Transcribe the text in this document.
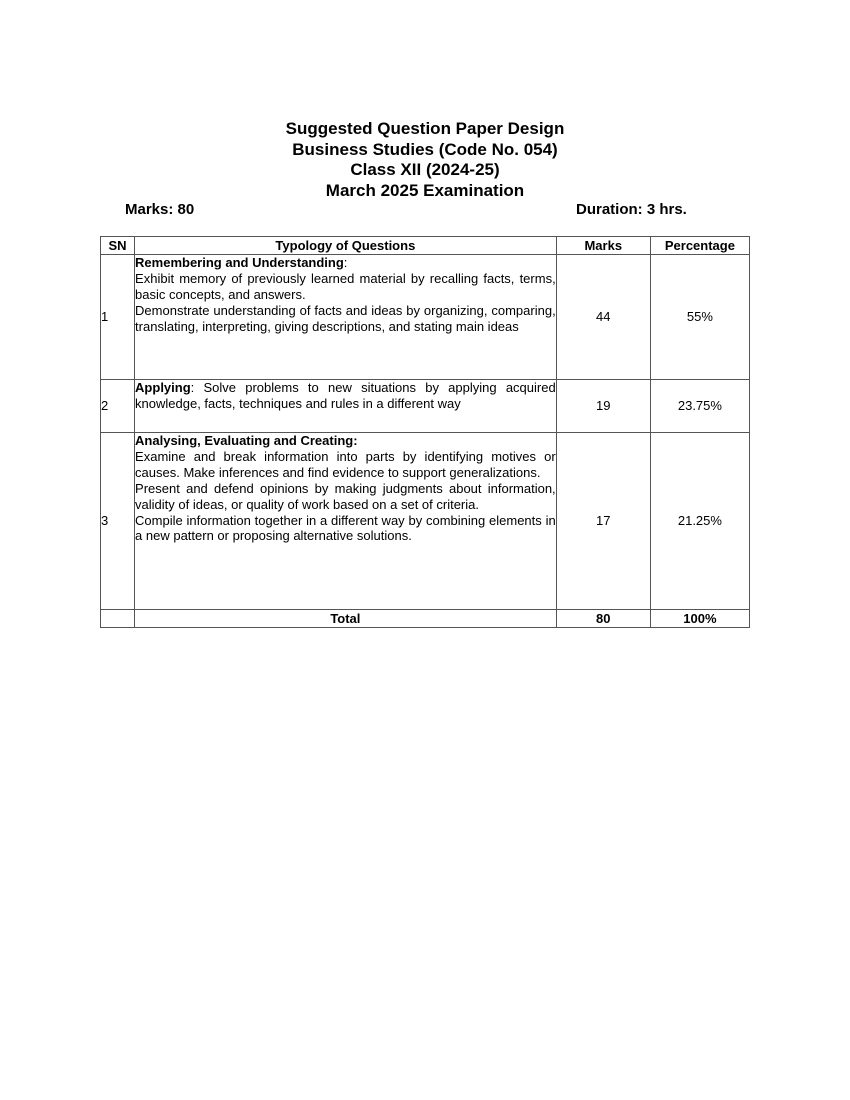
Suggested Question Paper Design
Business Studies (Code No. 054)
Class XII (2024-25)
March 2025 Examination
Marks: 80	Duration: 3 hrs.
SN	Typology of Questions	Marks	Percentage
1	Remembering and Understanding:

Exhibit memory of previously learned material by recalling facts, terms, basic concepts, and answers.

Demonstrate understanding of facts and ideas by organizing, comparing, translating, interpreting, giving descriptions, and stating main ideas	44	55%
2	Applying: Solve problems to new situations by applying acquired knowledge, facts, techniques and rules in a different way	19	23.75%
3	Analysing, Evaluating and Creating:

Examine and break information into parts by identifying motives or causes. Make inferences and find evidence to support generalizations.

Present and defend opinions by making judgments about information, validity of ideas, or quality of work based on a set of criteria.

Compile information together in a different way by combining elements in a new pattern or proposing alternative solutions.	17	21.25%
	Total	80	100%
